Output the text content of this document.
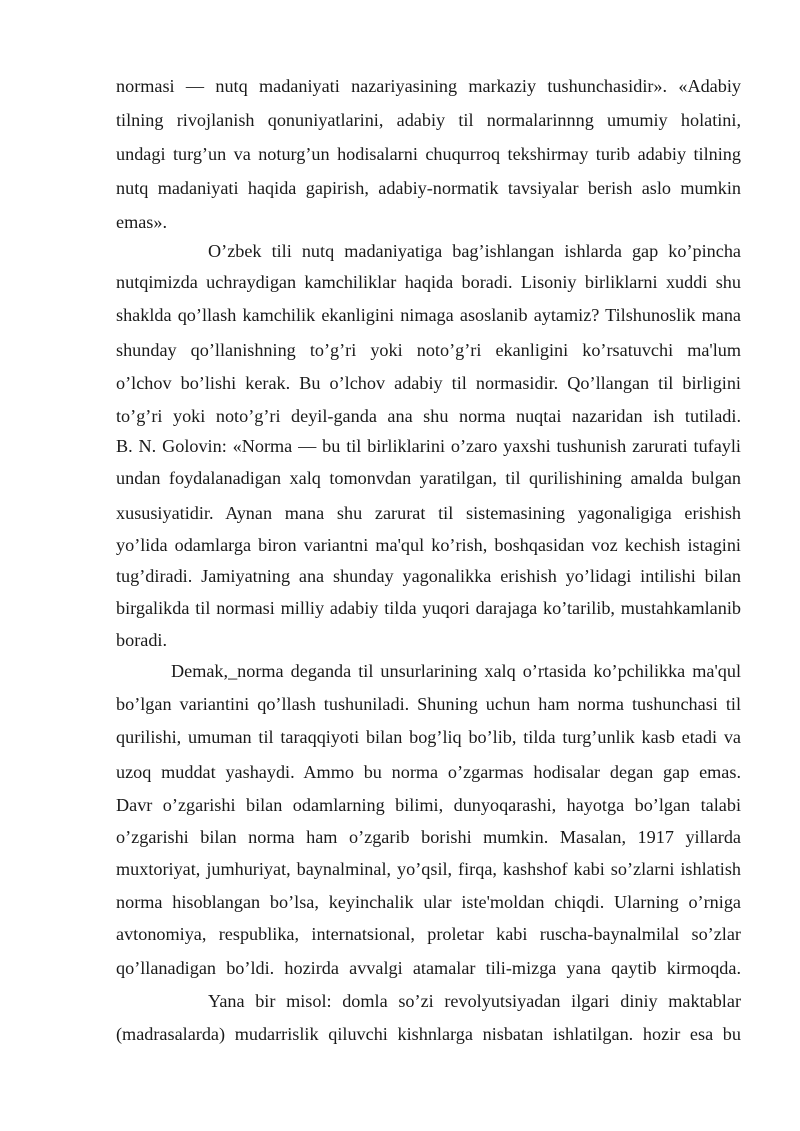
normasi — nutq madaniyati nazariyasining markaziy tushunchasidir». «Adabiy
tilning rivojlanish qonuniyatlarini, adabiy til normalarinnng umumiy holatini,
undagi turg’un va noturg’un hodisalarni chuqurroq tekshirmay turib adabiy tilning
nutq madaniyati haqida gapirish, adabiy-normatik tavsiyalar berish aslo mumkin
emas».
O’zbek tili nutq madaniyatiga bag’ishlangan ishlarda gap ko’pincha
nutqimizda uchraydigan kamchiliklar haqida boradi. Lisoniy birliklarni xuddi shu
shaklda qo’llash kamchilik ekanligini nimaga asoslanib aytamiz? Tilshunoslik mana
shunday qo’llanishning to’g’ri yoki noto’g’ri ekanligini ko’rsatuvchi ma'lum
o’lchov bo’lishi kerak. Bu o’lchov adabiy til normasidir. Qo’llangan til birligini
to’g’ri yoki noto’g’ri deyil-ganda ana shu norma nuqtai nazaridan ish tutiladi.
B. N. Golovin: «Norma — bu til birliklarini o’zaro yaxshi tushunish zarurati tufayli
undan foydalanadigan xalq tomonvdan yaratilgan, til qurilishining amalda bulgan
xususiyatidir. Aynan mana shu zarurat til sistemasining yagonaligiga erishish
yo’lida odamlarga biron variantni ma'qul ko’rish, boshqasidan voz kechish istagini
tug’diradi. Jamiyatning ana shunday yagonalikka erishish yo’lidagi intilishi bilan
birgalikda til normasi milliy adabiy tilda yuqori darajaga ko’tarilib, mustahkamlanib
boradi.
Demak,_norma deganda til unsurlarining xalq o’rtasida ko’pchilikka ma'qul
bo’lgan variantini qo’llash tushuniladi. Shuning uchun ham norma tushunchasi til
qurilishi, umuman til taraqqiyoti bilan bog’liq bo’lib, tilda turg’unlik kasb etadi va
uzoq muddat yashaydi. Ammo bu norma o’zgarmas hodisalar degan gap emas.
Davr o’zgarishi bilan odamlarning bilimi, dunyoqarashi, hayotga bo’lgan talabi
o’zgarishi bilan norma ham o’zgarib borishi mumkin. Masalan, 1917 yillarda
muxtoriyat, jumhuriyat, baynalminal, yo’qsil, firqa, kashshof kabi so’zlarni ishlatish
norma hisoblangan bo’lsa, keyinchalik ular iste'moldan chiqdi. Ularning o’rniga
avtonomiya, respublika, internatsional, proletar kabi ruscha-baynalmilal so’zlar
qo’llanadigan bo’ldi. hozirda avvalgi atamalar tili-mizga yana qaytib kirmoqda.
Yana bir misol: domla so’zi revolyutsiyadan ilgari diniy maktablar
(madrasalarda) mudarrislik qiluvchi kishnlarga nisbatan ishlatilgan. hozir esa bu
